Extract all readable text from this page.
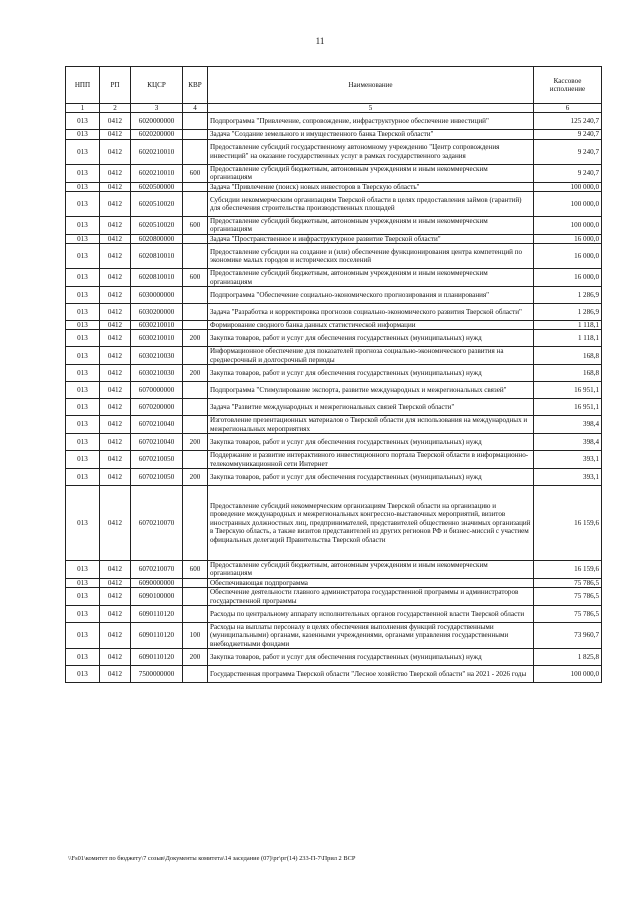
11
НПП	РП	КЦСР	КВР	Наименование	Кассовое исполнение
1	2	3	4	5	6
013	0412	6020000000		Подпрограмма "Привлечение, сопровождение, инфраструктурное обеспечение инвестиций"	125 240,7
013	0412	6020200000		Задача "Создание земельного и имущественного банка Тверской области"	9 240,7
013	0412	6020210010		Предоставление субсидий государственному автономному учреждению "Центр сопровождения инвестиций" на оказание государственных услуг в рамках государственного задания	9 240,7
013	0412	6020210010	600	Предоставление субсидий бюджетным, автономным учреждениям и иным некоммерческим организациям	9 240,7
013	0412	6020500000		Задача "Привлечение (поиск) новых инвесторов в Тверскую область"	100 000,0
013	0412	6020510020		Субсидии некоммерческим организациям Тверской области в целях предоставления займов (гарантий) для обеспечения строительства производственных площадей	100 000,0
013	0412	6020510020	600	Предоставление субсидий бюджетным, автономным учреждениям и иным некоммерческим организациям	100 000,0
013	0412	6020800000		Задача "Пространственное и инфраструктурное развитие Тверской области"	16 000,0
013	0412	6020810010		Предоставление субсидии на создание и (или) обеспечение функционирования центра компетенций по экономике малых городов и исторических поселений	16 000,0
013	0412	6020810010	600	Предоставление субсидий бюджетным, автономным учреждениям и иным некоммерческим организациям	16 000,0
013	0412	6030000000		Подпрограмма "Обеспечение социально-экономического прогнозирования и планирования"	1 286,9
013	0412	6030200000		Задача "Разработка и корректировка прогнозов социально-экономического развития Тверской области"	1 286,9
013	0412	6030210010		Формирование сводного банка данных статистической информации	1 118,1
013	0412	6030210010	200	Закупка товаров, работ и услуг для обеспечения государственных (муниципальных) нужд	1 118,1
013	0412	6030210030		Информационное обеспечение для показателей прогноза социально-экономического развития на среднесрочный и долгосрочный периоды	168,8
013	0412	6030210030	200	Закупка товаров, работ и услуг для обеспечения государственных (муниципальных) нужд	168,8
013	0412	6070000000		Подпрограмма "Стимулирование экспорта, развитие международных и межрегиональных связей"	16 951,1
013	0412	6070200000		Задача "Развитие международных и межрегиональных связей Тверской области"	16 951,1
013	0412	6070210040		Изготовление презентационных материалов о Тверской области для использования на международных и межрегиональных мероприятиях	398,4
013	0412	6070210040	200	Закупка товаров, работ и услуг для обеспечения государственных (муниципальных) нужд	398,4
013	0412	6070210050		Поддержание и развитие интерактивного инвестиционного портала Тверской области в информационно-телекоммуникационной сети Интернет	393,1
013	0412	6070210050	200	Закупка товаров, работ и услуг для обеспечения государственных (муниципальных) нужд	393,1
013	0412	6070210070		Предоставление субсидий некоммерческим организациям Тверской области на организацию и проведение международных и межрегиональных конгрессно-выставочных мероприятий, визитов иностранных должностных лиц, предпринимателей, представителей общественно значимых организаций в Тверскую область, а также визитов представителей из других регионов РФ и бизнес-миссий с участием официальных делегаций Правительства Тверской области	16 159,6
013	0412	6070210070	600	Предоставление субсидий бюджетным, автономным учреждениям и иным некоммерческим организациям	16 159,6
013	0412	6090000000		Обеспечивающая подпрограмма	75 786,5
013	0412	6090100000		Обеспечение деятельности главного администратора государственной программы и администраторов государственной программы	75 786,5
013	0412	6090110120		Расходы по центральному аппарату исполнительных органов государственной власти Тверской области	75 786,5
013	0412	6090110120	100	Расходы на выплаты персоналу в целях обеспечения выполнения функций государственными (муниципальными) органами, казенными учреждениями, органами управления государственными внебюджетными фондами	73 960,7
013	0412	6090110120	200	Закупка товаров, работ и услуг для обеспечения государственных (муниципальных) нужд	1 825,8
013	0412	7500000000		Государственная программа Тверской области "Лесное хозяйство Тверской области" на 2021 - 2026 годы	100 000,0
\\Fs01\комитет по бюджету\7 созыв\Документы комитета\14 заседание (07)\рг\рг(14) 233-П-7\Прил 2 ВСР
